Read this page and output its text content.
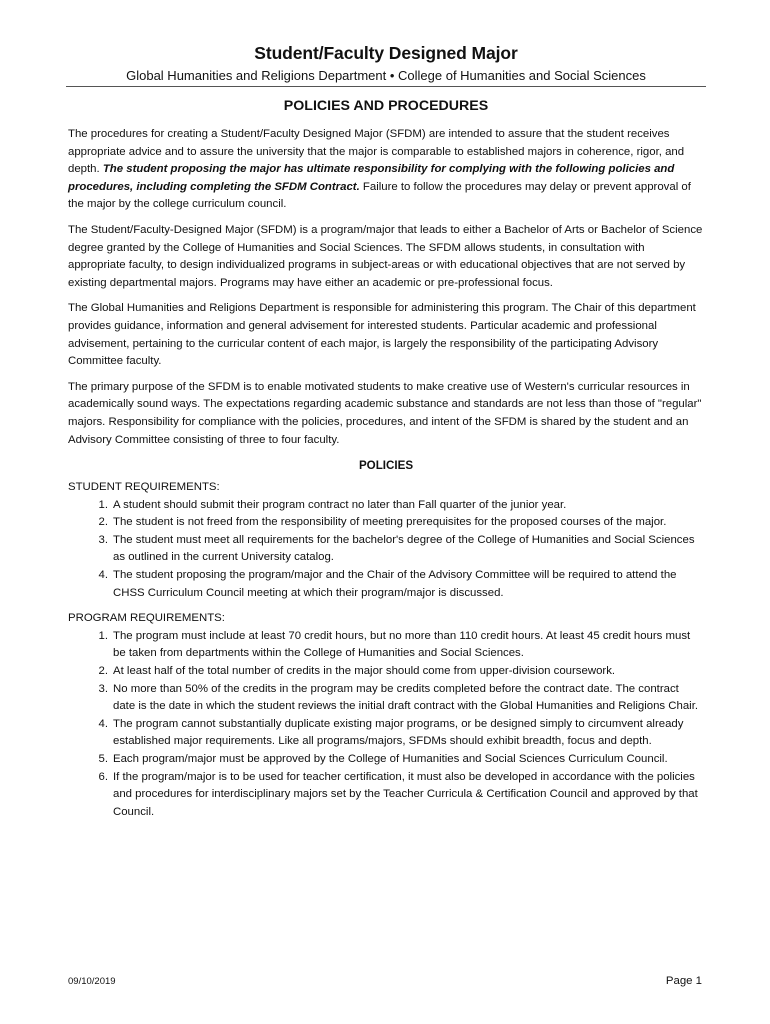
Student/Faculty Designed Major
Global Humanities and Religions Department • College of Humanities and Social Sciences
POLICIES AND PROCEDURES

The procedures for creating a Student/Faculty Designed Major (SFDM) are intended to assure that the student receives appropriate advice and to assure the university that the major is comparable to established majors in coherence, rigor, and depth. The student proposing the major has ultimate responsibility for complying with the following policies and procedures, including completing the SFDM Contract. Failure to follow the procedures may delay or prevent approval of the major by the college curriculum council.

The Student/Faculty-Designed Major (SFDM) is a program/major that leads to either a Bachelor of Arts or Bachelor of Science degree granted by the College of Humanities and Social Sciences. The SFDM allows students, in consultation with appropriate faculty, to design individualized programs in subject-areas or with educational objectives that are not served by existing departmental majors. Programs may have either an academic or pre-professional focus.

The Global Humanities and Religions Department is responsible for administering this program. The Chair of this department provides guidance, information and general advisement for interested students. Particular academic and professional advisement, pertaining to the curricular content of each major, is largely the responsibility of the participating Advisory Committee faculty.

The primary purpose of the SFDM is to enable motivated students to make creative use of Western's curricular resources in academically sound ways. The expectations regarding academic substance and standards are not less than those of "regular" majors. Responsibility for compliance with the policies, procedures, and intent of the SFDM is shared by the student and an Advisory Committee consisting of three to four faculty.

POLICIES
STUDENT REQUIREMENTS:
1. A student should submit their program contract no later than Fall quarter of the junior year.
2. The student is not freed from the responsibility of meeting prerequisites for the proposed courses of the major.
3. The student must meet all requirements for the bachelor's degree of the College of Humanities and Social Sciences as outlined in the current University catalog.
4. The student proposing the program/major and the Chair of the Advisory Committee will be required to attend the CHSS Curriculum Council meeting at which their program/major is discussed.
PROGRAM REQUIREMENTS:
1. The program must include at least 70 credit hours, but no more than 110 credit hours. At least 45 credit hours must be taken from departments within the College of Humanities and Social Sciences.
2. At least half of the total number of credits in the major should come from upper-division coursework.
3. No more than 50% of the credits in the program may be credits completed before the contract date. The contract date is the date in which the student reviews the initial draft contract with the Global Humanities and Religions Chair.
4. The program cannot substantially duplicate existing major programs, or be designed simply to circumvent already established major requirements. Like all programs/majors, SFDMs should exhibit breadth, focus and depth.
5. Each program/major must be approved by the College of Humanities and Social Sciences Curriculum Council.
6. If the program/major is to be used for teacher certification, it must also be developed in accordance with the policies and procedures for interdisciplinary majors set by the Teacher Curricula & Certification Council and approved by that Council.
09/10/2019	Page 1
